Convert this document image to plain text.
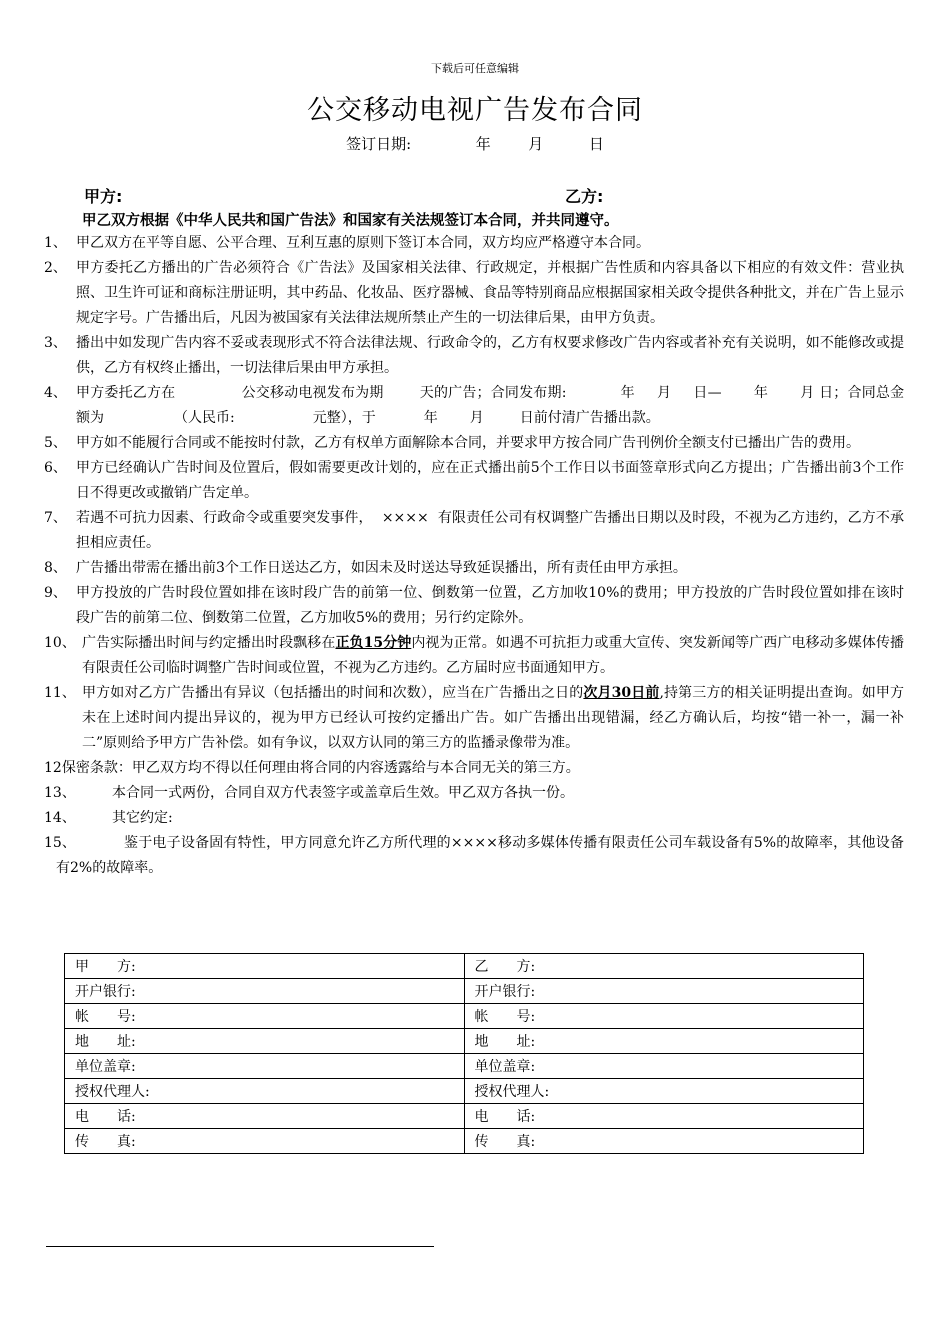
下载后可任意编辑
公交移动电视广告发布合同
签订日期:	年	月	日
甲方:	乙方:
甲乙双方根据《中华人民共和国广告法》和国家有关法规签订本合同，并共同遵守。
1、 甲乙双方在平等自愿、公平合理、互利互惠的原则下签订本合同，双方均应严格遵守本合同。
2、 甲方委托乙方播出的广告必须符合《广告法》及国家相关法律、行政规定，并根据广告性质和内容具备以下相应的有效文件：营业执照、卫生许可证和商标注册证明，其中药品、化妆品、医疗器械、食品等特别商品应根据国家相关政令提供各种批文，并在广告上显示规定字号。广告播出后，凡因为被国家有关法律法规所禁止产生的一切法律后果，由甲方负责。
3、 播出中如发现广告内容不妥或表现形式不符合法律法规、行政命令的，乙方有权要求修改广告内容或者补充有关说明，如不能修改或提供，乙方有权终止播出，一切法律后果由甲方承担。
4、 甲方委托乙方在	公交移动电视发布为期	天的广告；合同发布期:	年 月 日— 年 月 日；合同总金额为	（人民币:	元整），于	年 月	日前付清广告播出款。
5、 甲方如不能履行合同或不能按时付款，乙方有权单方面解除本合同，并要求甲方按合同广告刊例价全额支付已播出广告的费用。
6、 甲方已经确认广告时间及位置后，假如需要更改计划的，应在正式播出前5个工作日以书面签章形式向乙方提出；广告播出前3个工作日不得更改或撤销广告定单。
7、 若遇不可抗力因素、行政命令或重要突发事件，  ××××  有限责任公司有权调整广告播出日期以及时段，不视为乙方违约，乙方不承担相应责任。
8、 广告播出带需在播出前3个工作日送达乙方，如因未及时送达导致延误播出，所有责任由甲方承担。
9、 甲方投放的广告时段位置如排在该时段广告的前第一位、倒数第一位置，乙方加收10%的费用；甲方投放的广告时段位置如排在该时段广告的前第二位、倒数第二位置，乙方加收5%的费用；另行约定除外。
10、 广告实际播出时间与约定播出时段飘移在正负15分钟内视为正常。如遇不可抗拒力或重大宣传、突发新闻等广西广电移动多媒体传播有限责任公司临时调整广告时间或位置，不视为乙方违约。乙方届时应书面通知甲方。
11、 甲方如对乙方广告播出有异议（包括播出的时间和次数），应当在广告播出之日的次月30日前,持第三方的相关证明提出查询。如甲方未在上述时间内提出异议的，视为甲方已经认可按约定播出广告。如广告播出出现错漏，经乙方确认后，均按“错一补一，漏一补二”原则给予甲方广告补偿。如有争议，以双方认同的第三方的监播录像带为准。
12保密条款：甲乙双方均不得以任何理由将合同的内容透露给与本合同无关的第三方。
13、	本合同一式两份，合同自双方代表签字或盖章后生效。甲乙双方各执一份。
14、	其它约定:
15、	鉴于电子设备固有特性，甲方同意允许乙方所代理的××××移动多媒体传播有限责任公司车载设备有5%的故障率，其他设备有2%的故障率。
甲　　方:	乙　　方:
开户银行:	开户银行:
帐　　号:	帐　　号:
地　　址:	地　　址:
单位盖章:	单位盖章:
授权代理人:	授权代理人:
电　　话:	电　　话:
传　　真:	传　　真:
